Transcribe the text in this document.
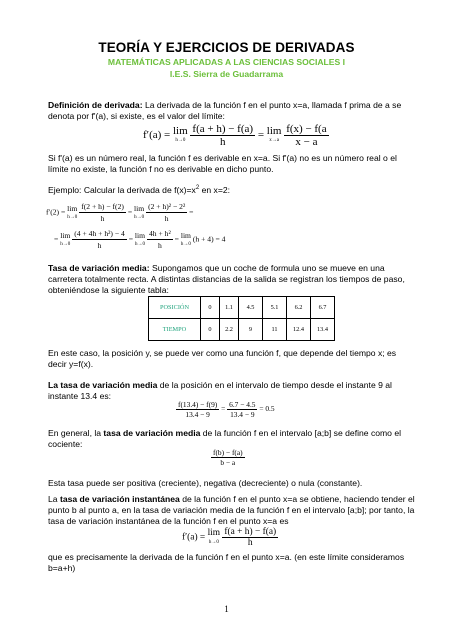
TEORÍA Y EJERCICIOS DE DERIVADAS
MATEMÁTICAS APLICADAS A LAS CIENCIAS SOCIALES I
I.E.S. Sierra de Guadarrama
Definición de derivada: La derivada de la función f en el punto x=a, llamada f prima de a se denota por f'(a), si existe, es el valor del límite:
f′(a) = lim
h→0
$\frac{f(a + h) - f(a)}{h} = \lim$
x→a
$\frac{f(x) - f(a}{x - a}$
Si f'(a) es un número real, la función f es derivable en x=a. Si f'(a) no es un número real o el límite no existe, la función f no es derivable en dicho punto.
Ejemplo: Calcular la derivada de $f(x)=x^2$ en x=2:
f′(2) = lim
h→0
$\frac{f(2 + h) - f(2)}{h} = \lim$
h→0
$\frac{\text{(2 + h)² − 2²}}{h}$ =
= lim
h→0
$\frac{\text{(4 + 4h + h²) − 4}}{h} = \lim$
h→0
$\frac{\text{4h + h²}}{h} = \lim$
h→0
(h + 4) = 4
Tasa de variación media: Supongamos que un coche de formula uno se mueve en una carretera totalmente recta. A distintas distancias de la salida se registran los tiempos de paso, obteniéndose la siguiente tabla:
POSICIÓN	0	1.1	4.5	5.1	6.2	6.7
TIEMPO	0	2.2	9	11	12.4	13.4
En este caso, la posición y, se puede ver como una función f, que depende del tiempo x; es decir y=f(x).
La tasa de variación media de la posición en el intervalo de tiempo desde el instante 9 al instante 13.4 es:
$\frac{f(13.4) - f(9)}{13.4 - 9} = \frac{6.7 - 4.5}{13.4 - 9} = 0.5$
En general, la tasa de variación media de la función f en el intervalo [a;b] se define como el cociente:
$\frac{f(b) - f(a)}{b - a}$
Esta tasa puede ser positiva (creciente), negativa (decreciente) o nula (constante).
La tasa de variación instantánea de la función f en el punto x=a se obtiene, haciendo tender el punto b al punto a, en la tasa de variación media de la función f en el intervalo [a;b]; por tanto, la tasa de variación instantánea de la función f en el punto x=a es
f′(a) = lim
h→0
$\frac{f(a + h) - f(a)}{h}$
que es precisamente la derivada de la función f en el punto x=a. (en este límite consideramos b=a+h)
1
